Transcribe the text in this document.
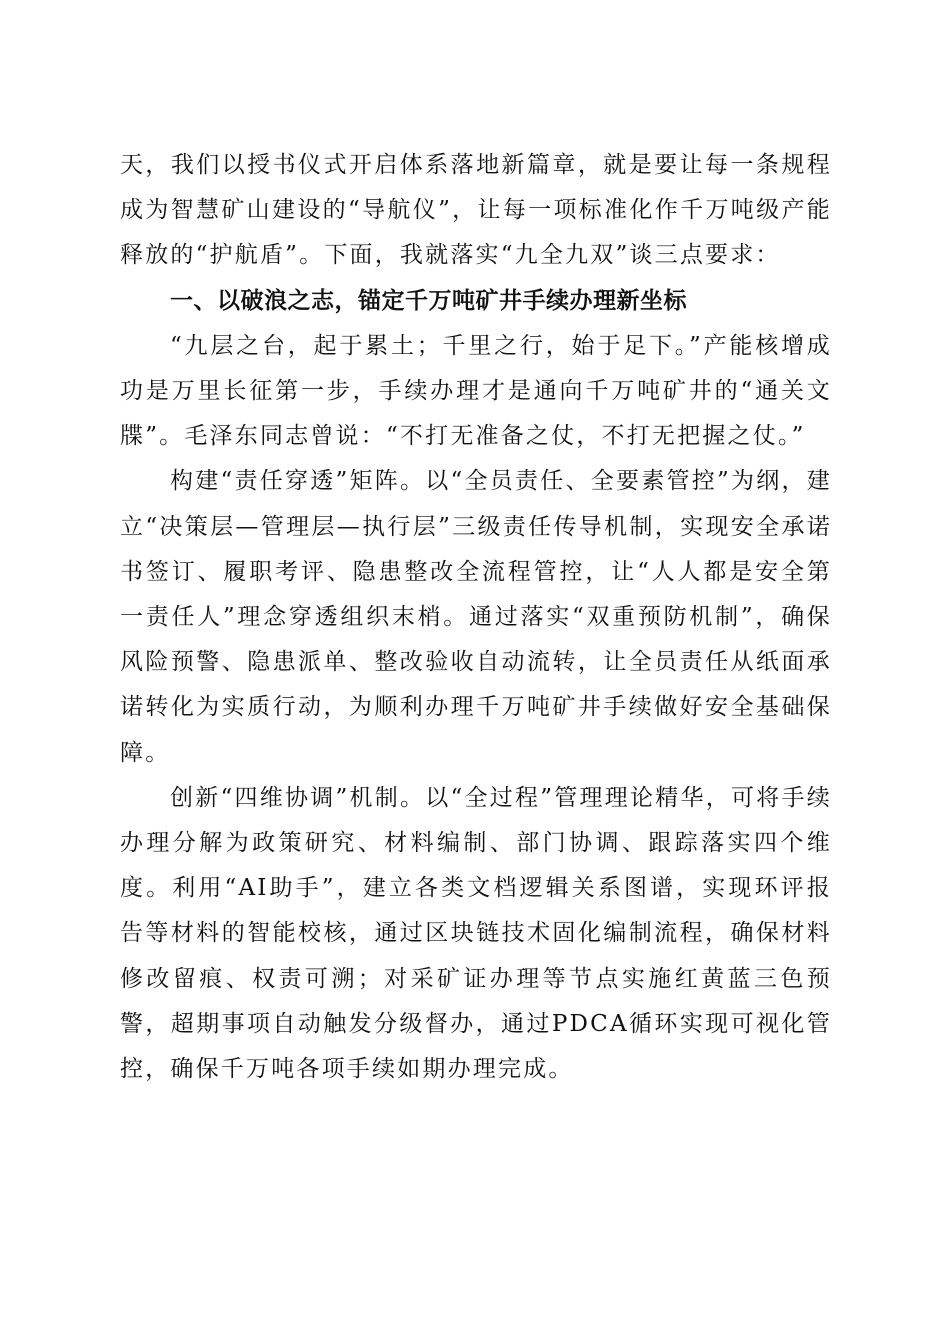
天，我们以授书仪式开启体系落地新篇章，就是要让每一条规程成为智慧矿山建设的“导航仪”，让每一项标准化作千万吨级产能释放的“护航盾”。下面，我就落实“九全九双”谈三点要求：

一、以破浪之志，锚定千万吨矿井手续办理新坐标

“九层之台，起于累土；千里之行，始于足下。”产能核增成功是万里长征第一步，手续办理才是通向千万吨矿井的“通关文牒”。毛泽东同志曾说：“不打无准备之仗，不打无把握之仗。”

构建“责任穿透”矩阵。以“全员责任、全要素管控”为纲，建立“决策层—管理层—执行层”三级责任传导机制，实现安全承诺书签订、履职考评、隐患整改全流程管控，让“人人都是安全第一责任人”理念穿透组织末梢。通过落实“双重预防机制”，确保风险预警、隐患派单、整改验收自动流转，让全员责任从纸面承诺转化为实质行动，为顺利办理千万吨矿井手续做好安全基础保障。

创新“四维协调”机制。以“全过程”管理理论精华，可将手续办理分解为政策研究、材料编制、部门协调、跟踪落实四个维度。利用“AI助手”，建立各类文档逻辑关系图谱，实现环评报告等材料的智能校核，通过区块链技术固化编制流程，确保材料修改留痕、权责可溯；对采矿证办理等节点实施红黄蓝三色预警，超期事项自动触发分级督办，通过PDCA循环实现可视化管控，确保千万吨各项手续如期办理完成。
